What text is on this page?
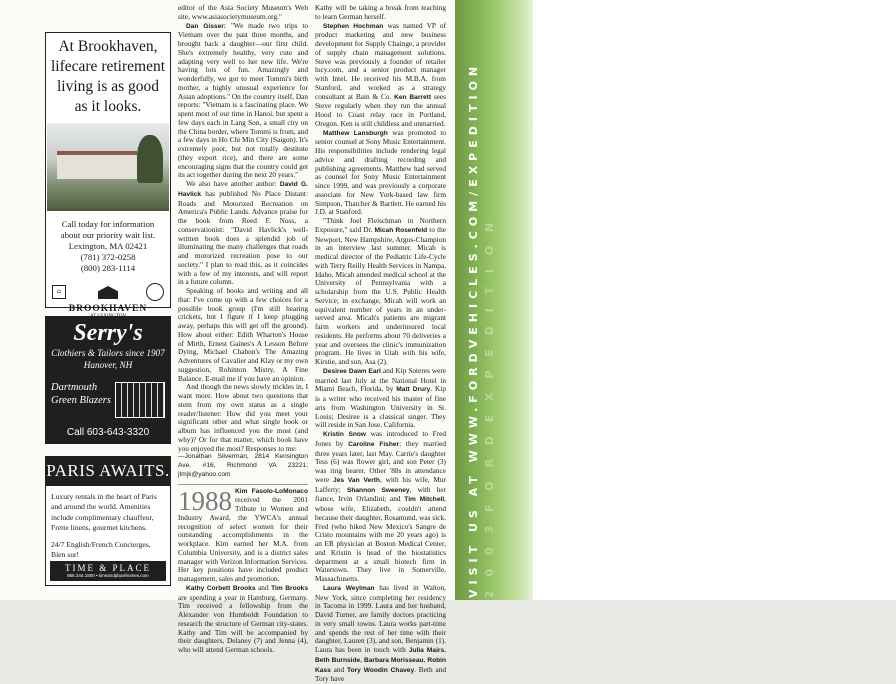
At Brookhaven, lifecare retirement living is as good as it looks.
Call today for information
about our priority wait list.
Lexington, MA 02421
(781) 372-0258
(800) 283-1114
BROOKHAVEN
⌂
Serry's
Clothiers & Tailors since 1907
Hanover, NH
Dartmouth Green Blazers
Call 603-643-3320
PARIS AWAITS.
Luxury rentals in the heart of Paris and around the world. Amenities include complimentary chauffeur, Frette linens, gourmet kitchens.
24/7 English/French Concierges, Bien sur!
TIME & PLACE
866.244.1800 • timeandplacehomes.com

editor of the Asia Society Museum's Web site, www.asiasocietymuseum.org."

Dan Gisser: "We made two trips to Vietnam over the past three months, and brought back a daughter—our first child. She's extremely healthy, very cute and adapting very well to her new life. We're having lots of fun. Amazingly and wonderfully, we got to meet Tommi's birth mother, a highly unusual experience for Asian adoptions." On the country itself, Dan reports: "Vietnam is a fascinating place. We spent most of our time in Hanoi, but spent a few days each in Lang Son, a small city on the China border, where Tommi is from, and a few days in Ho Chi Min City (Saigon). It's extremely poor, but not totally destitute (they export rice), and there are some encouraging signs that the country could get its act together during the next 20 years."

We also have another author: David G. Havlick has published No Place Distant: Roads and Motorized Recreation on America's Public Lands. Advance praise for the book from Reed F. Noss, a conservationist: "David Havlick's well-written book does a splendid job of illuminating the many challenges that roads and motorized recreation pose to our society." I plan to read this, as it coincides with a few of my interests, and will report in a future column.

Speaking of books and writing and all that: I've come up with a few choices for a possible book group (I'm still hearing crickets, but I figure if I keep plugging away, perhaps this will get off the ground). How about either: Edith Wharton's House of Mirth, Ernest Gaines's A Lesson Before Dying, Michael Chabon's The Amazing Adventures of Cavalier and Klay or my own suggestion, Rohinton Mistry, A Fine Balance. E-mail me if you have an opinion.

And though the news slowly trickles in, I want more. How about two questions that stem from my own status as a single reader/listener: How did you meet your significant other and what single book or album has influenced you the most (and why)? Or for that matter, which book have you enjoyed the most? Responses to me:

—Jonathan Silverman, 2814 Kensington Ave. #16, Richmond VA 23221; jtmjk@yahoo.com

1988 Kim Fasolo-LoMonaco received the 2001 Tribute to Women and Industry Award, the YWCA's annual recognition of select women for their outstanding accomplishments in the workplace. Kim earned her M.A. from Columbia University, and is a district sales manager with Verizon Information Services. Her key positions have included product management, sales and promotion.

Kathy Corbett Brooks and Tim Brooks are spending a year in Hamburg, Germany. Tim received a fellowship from the Alexander von Humboldt Foundation to research the structure of German city-states. Kathy and Tim will be accompanied by their daughters, Delaney (7) and Jenna (4), who will attend German schools.

Kathy will be taking a break from teaching to learn German herself.

Stephen Hochman was named VP of product marketing and new business development for Supply Chainge, a provider of supply chain management solutions. Steve was previously a founder of retailer lucy.com, and a senior product manager with Intel. He received his M.B.A. from Stanford, and worked as a strategy consultant at Bain & Co. Ken Barrett sees Steve regularly when they run the annual Hood to Coast relay race in Portland, Oregon. Ken is still childless and unmarried.

Matthew Lansburgh was promoted to senior counsel at Sony Music Entertainment. His responsibilities include rendering legal advice and drafting recording and publishing agreements. Matthew had served as counsel for Sony Music Entertainment since 1999, and was previously a corporate associate for New York-based law firm Simpson, Thatcher & Bartlett. He earned his J.D. at Stanford.

"Think Joel Fleischman in Northern Exposure," said Dr. Micah Rosenfeld to the Newport, New Hampshire, Argus-Champion in an interview last summer. Micah is medical director of the Pediatric Life-Cycle with Terry Reilly Health Services in Nampa, Idaho. Micah attended medical school at the University of Pennsylvania with a scholarship from the U.S. Public Health Service; in exchange, Micah will work an equivalent number of years in an under-served area. Micah's patients are migrant farm workers and underinsured local residents. He performs about 70 deliveries a year and oversees the clinic's immunization program. He lives in Utah with his wife, Kirstie, and son, Asa (2).

Desiree Dawn Earl and Kip Soteres were married last July at the National Hotel in Miami Beach, Florida, by Matt Drury. Kip is a writer who received his master of fine arts from Washington University in St. Louis; Desiree is a classical singer. They will reside in San Jose, California.

Kristin Snow was introduced to Fred Jones by Caroline Fisher; they married three years later, last May. Carrie's daughter Tess (6) was flower girl, and son Peter (3) was ring bearer. Other '88s in attendance were Jes Van Verth, with his wife, Mur Lafferty; Shannon Sweeney, with her fiance, Irvin Orlandini; and Tim Mitchell, whose wife, Elizabeth, couldn't attend because their daughter, Rosamund, was sick. Fred (who hiked New Mexico's Sangre de Cristo mountains with me 20 years ago) is an ER physician at Boston Medical Center, and Kristin is head of the biostatistics department at a small biotech firm in Watertown. They live in Somerville, Massachusetts.

Laura Weylman has lived in Walton, New York, since completing her residency in Tacoma in 1999. Laura and her husband, David Turner, are family doctors practicing in very small towns. Laura works part-time and spends the rest of her time with their daughter, Lauren (3), and son, Benjamin (1). Laura has been in touch with Julia Mairs, Beth Burnside, Barbara Morisseau, Robin Kass and Tory Woodin Chavey. Beth and Tory have

2 0 0 3 F O R D E X P E D I T I O N
VISIT US AT WWW.FORDVEHICLES.COM/EXPEDITION
